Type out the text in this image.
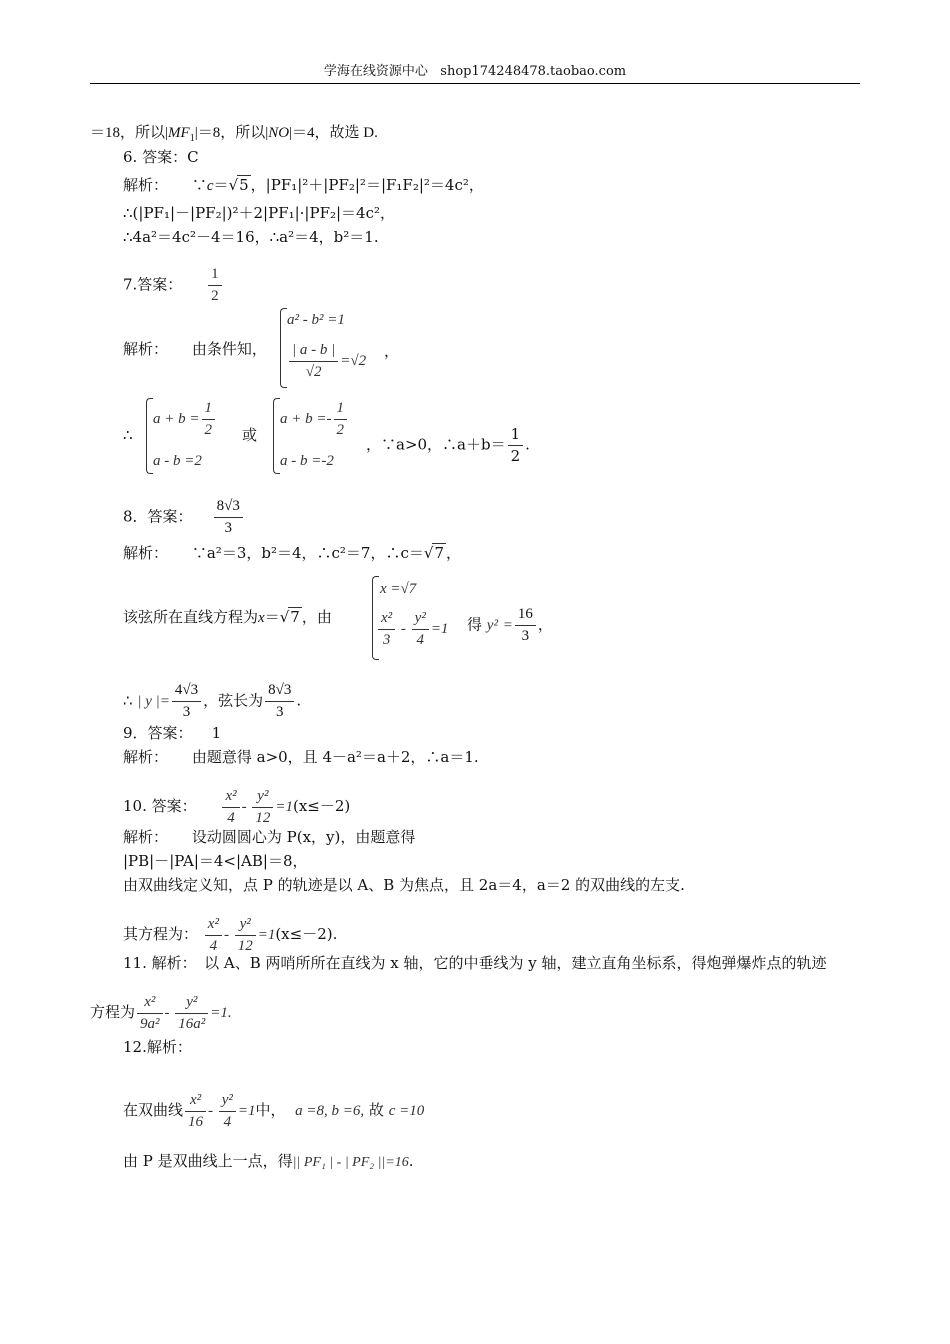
学海在线资源中心 shop174248478.taobao.com
＝18，所以$|MF_1|=8$，所以|NO|＝4，故选 D.
6. 答案：C
解析： ∵c＝√5 ，|PF₁|²＋|PF₂|²＝|F₁F₂|²＝4c²，
∴(|PF₁|－|PF₂|)²＋2|PF₁|·|PF₂|＝4c²，
∴4a²＝4c²－4＝16，∴a²＝4，b²＝1.
7.答案： $\frac{1}{2}$
解析： 由条件知，
a² - b² =1
$\frac{| a - b |}{√2} =√2$
，
∴
$a + b = \frac{1}{2}$
a - b =2
或
$a + b =- \frac{1}{2}$
a - b =-2
，∵a>0，∴a＋b＝ $\frac{1}{2}$ .
8．答案： $\frac{8√3}{3}$
解析： ∵a²＝3，b²＝4，∴c²＝7，∴c＝√7 ，
该弦所在直线方程为x＝√7 ，由
x =√7
$\frac{\text{x²}}{3} - \frac{\text{y²}}{4} =1$ 得 $y^2 = \frac{16}{3}$ ，
∴ | y |= $\frac{4√3}{3}$ ，弦长为 $\frac{8√3}{3}$ .
9．答案： 1
解析： 由题意得 a>0，且 4－a²＝a＋2，∴a＝1.
10. 答案： $\frac{\text{x²}}{4} - \frac{\text{y²}}{12} =1(x\le-2)$
解析： 设动圆圆心为 P(x，y)，由题意得
|PB|－|PA|＝4<|AB|＝8，
由双曲线定义知，点 P 的轨迹是以 A、B 为焦点，且 2a＝4，a＝2 的双曲线的左支.
其方程为： $\frac{\text{x²}}{4} - \frac{\text{y²}}{12} =1(x\le-2)$.
11. 解析：　以 A、B 两哨所所在直线为 x 轴，它的中垂线为 y 轴，建立直角坐标系，得炮弹爆炸点的轨迹
方程为 $\frac{\text{x²}}{\text{9a²}} - \frac{\text{y²}}{\text{16a²}} =1$.
12.解析：
在双曲线 $\frac{\text{x²}}{16} - \frac{\text{y²}}{4} =1$中， a =8, b =6, 故 c =10
由 P 是双曲线上一点，得|| PF₁ | - | PF₂ ||=16.
